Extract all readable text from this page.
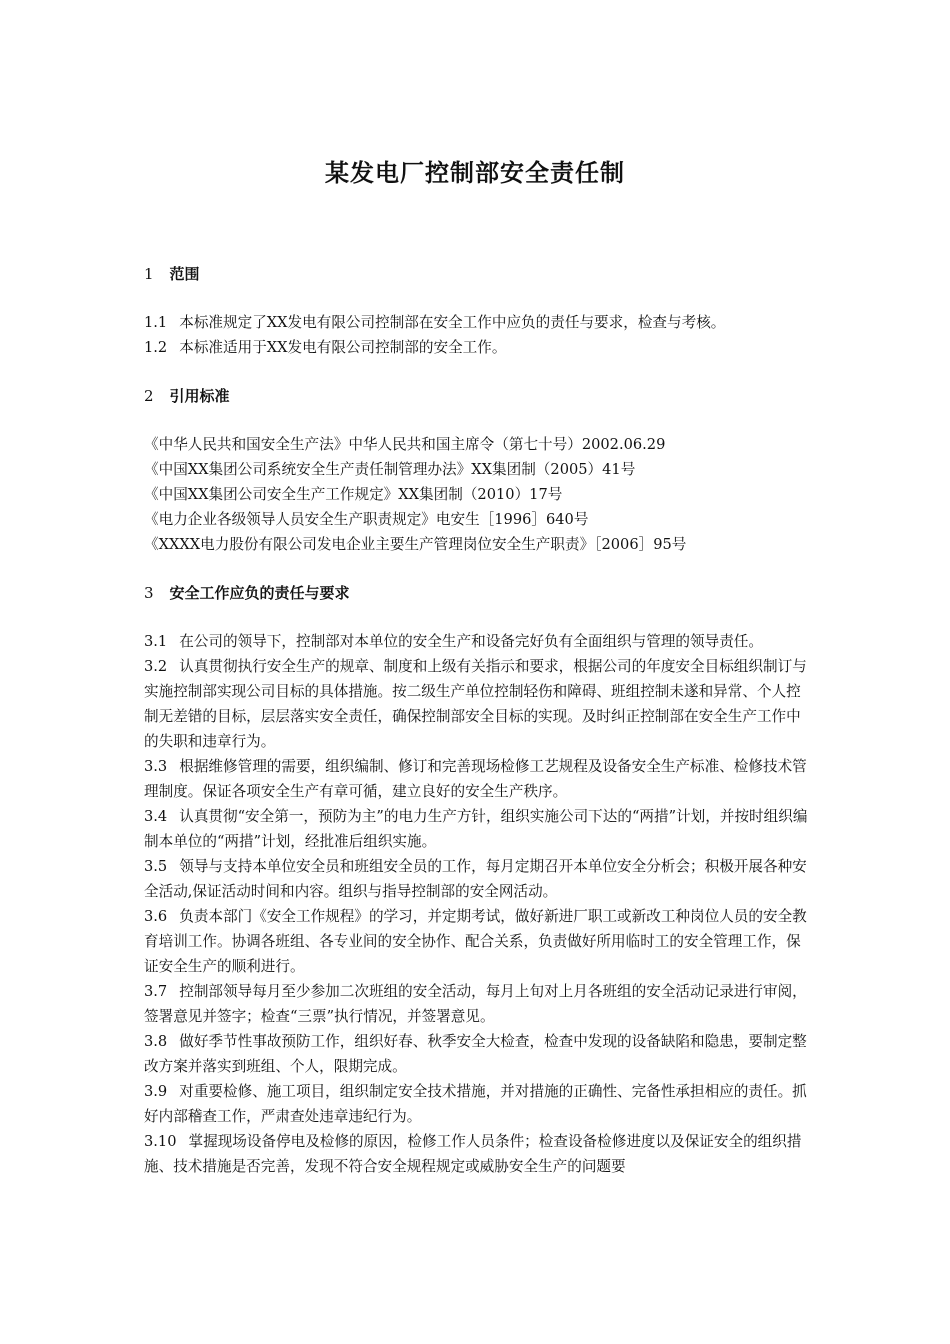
某发电厂控制部安全责任制
1 范围

1.1 本标准规定了XX发电有限公司控制部在安全工作中应负的责任与要求，检查与考核。

1.2 本标准适用于XX发电有限公司控制部的安全工作。

2 引用标准

《中华人民共和国安全生产法》中华人民共和国主席令（第七十号）2002.06.29

《中国XX集团公司系统安全生产责任制管理办法》XX集团制（2005）41号

《中国XX集团公司安全生产工作规定》XX集团制（2010）17号

《电力企业各级领导人员安全生产职责规定》电安生［1996］640号

《XXXX电力股份有限公司发电企业主要生产管理岗位安全生产职责》［2006］95号

3 安全工作应负的责任与要求

3.1 在公司的领导下，控制部对本单位的安全生产和设备完好负有全面组织与管理的领导责任。

3.2 认真贯彻执行安全生产的规章、制度和上级有关指示和要求，根据公司的年度安全目标组织制订与实施控制部实现公司目标的具体措施。按二级生产单位控制轻伤和障碍、班组控制未遂和异常、个人控制无差错的目标，层层落实安全责任，确保控制部安全目标的实现。及时纠正控制部在安全生产工作中的失职和违章行为。

3.3 根据维修管理的需要，组织编制、修订和完善现场检修工艺规程及设备安全生产标准、检修技术管理制度。保证各项安全生产有章可循，建立良好的安全生产秩序。

3.4 认真贯彻“安全第一，预防为主”的电力生产方针，组织实施公司下达的“两措”计划，并按时组织编制本单位的“两措”计划，经批准后组织实施。

3.5 领导与支持本单位安全员和班组安全员的工作，每月定期召开本单位安全分析会；积极开展各种安全活动,保证活动时间和内容。组织与指导控制部的安全网活动。

3.6 负责本部门《安全工作规程》的学习，并定期考试，做好新进厂职工或新改工种岗位人员的安全教育培训工作。协调各班组、各专业间的安全协作、配合关系，负责做好所用临时工的安全管理工作，保证安全生产的顺利进行。

3.7 控制部领导每月至少参加二次班组的安全活动，每月上旬对上月各班组的安全活动记录进行审阅，签署意见并签字；检查“三票”执行情况，并签署意见。

3.8 做好季节性事故预防工作，组织好春、秋季安全大检查，检查中发现的设备缺陷和隐患，要制定整改方案并落实到班组、个人，限期完成。

3.9 对重要检修、施工项目，组织制定安全技术措施，并对措施的正确性、完备性承担相应的责任。抓好内部稽查工作，严肃查处违章违纪行为。

3.10 掌握现场设备停电及检修的原因，检修工作人员条件；检查设备检修进度以及保证安全的组织措施、技术措施是否完善，发现不符合安全规程规定或威胁安全生产的问题要
